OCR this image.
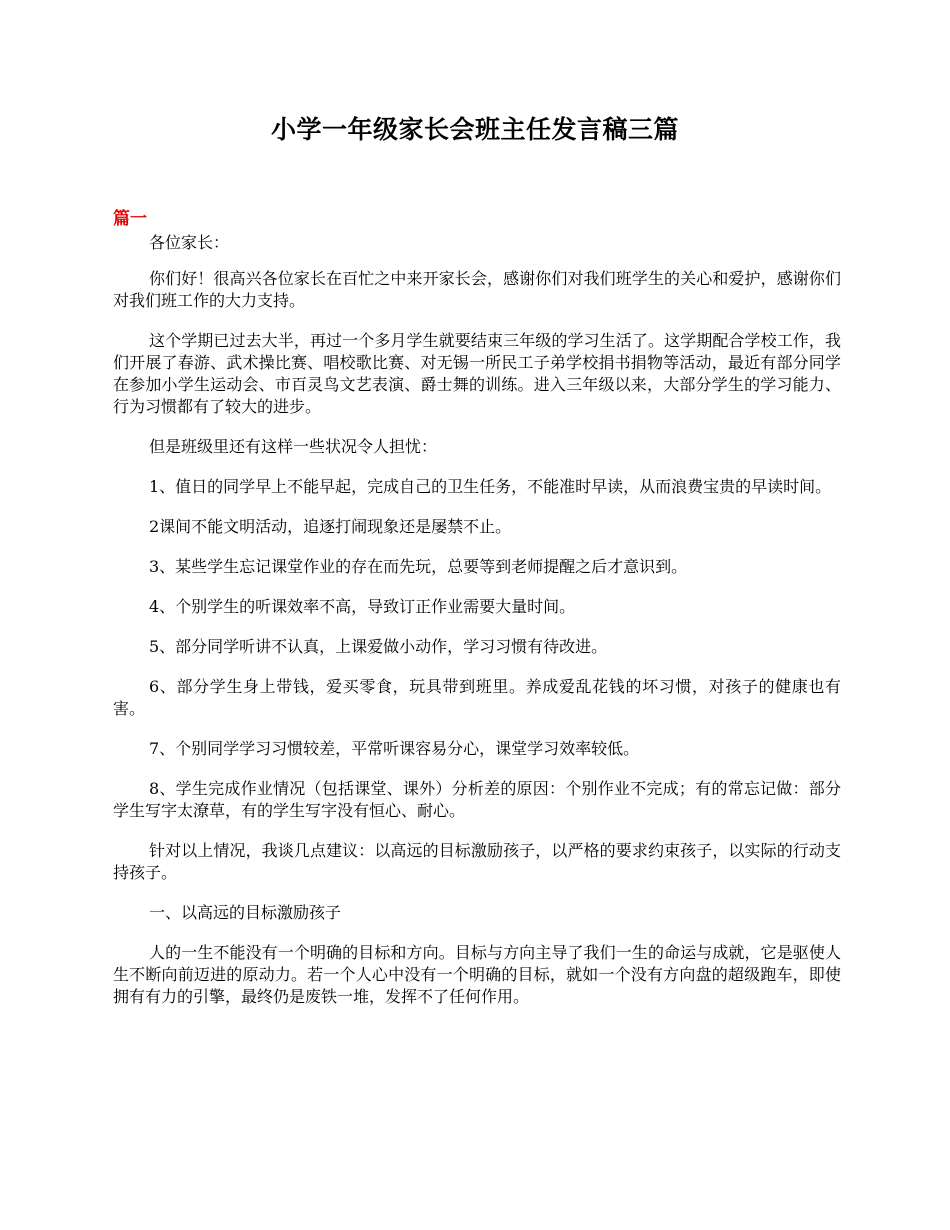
小学一年级家长会班主任发言稿三篇
篇一

各位家长：

你们好！很高兴各位家长在百忙之中来开家长会，感谢你们对我们班学生的关心和爱护，感谢你们对我们班工作的大力支持。

这个学期已过去大半，再过一个多月学生就要结束三年级的学习生活了。这学期配合学校工作，我们开展了春游、武术操比赛、唱校歌比赛、对无锡一所民工子弟学校捐书捐物等活动，最近有部分同学在参加小学生运动会、市百灵鸟文艺表演、爵士舞的训练。进入三年级以来，大部分学生的学习能力、行为习惯都有了较大的进步。

但是班级里还有这样一些状况令人担忧：

1、值日的同学早上不能早起，完成自己的卫生任务，不能准时早读，从而浪费宝贵的早读时间。

2课间不能文明活动，追逐打闹现象还是屡禁不止。

3、某些学生忘记课堂作业的存在而先玩，总要等到老师提醒之后才意识到。

4、个别学生的听课效率不高，导致订正作业需要大量时间。

5、部分同学听讲不认真，上课爱做小动作，学习习惯有待改进。

6、部分学生身上带钱，爱买零食，玩具带到班里。养成爱乱花钱的坏习惯，对孩子的健康也有害。

7、个别同学学习习惯较差，平常听课容易分心，课堂学习效率较低。

8、学生完成作业情况（包括课堂、课外）分析差的原因：个别作业不完成；有的常忘记做：部分学生写字太潦草，有的学生写字没有恒心、耐心。

针对以上情况，我谈几点建议：以高远的目标激励孩子，以严格的要求约束孩子，以实际的行动支持孩子。

一、以高远的目标激励孩子

人的一生不能没有一个明确的目标和方向。目标与方向主导了我们一生的命运与成就，它是驱使人生不断向前迈进的原动力。若一个人心中没有一个明确的目标，就如一个没有方向盘的超级跑车，即使拥有有力的引擎，最终仍是废铁一堆，发挥不了任何作用。
